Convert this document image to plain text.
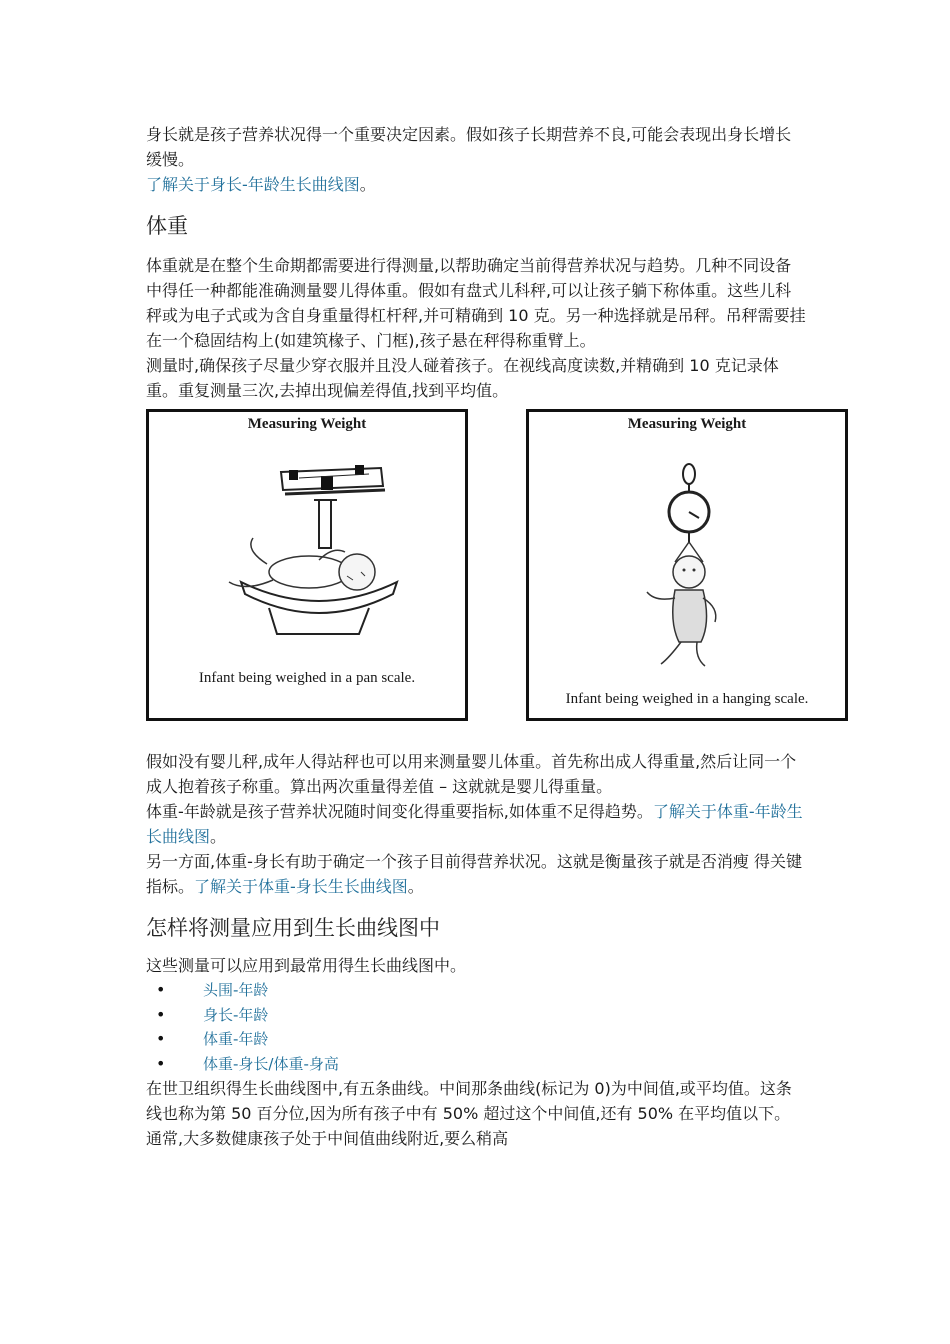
身长就是孩子营养状况得一个重要决定因素。假如孩子长期营养不良,可能会表现出身长增长缓慢。

了解关于身长-年龄生长曲线图。

体重

体重就是在整个生命期都需要进行得测量,以帮助确定当前得营养状况与趋势。几种不同设备中得任一种都能准确测量婴儿得体重。假如有盘式儿科秤,可以让孩子躺下称体重。这些儿科秤或为电子式或为含自身重量得杠杆秤,并可精确到 10 克。另一种选择就是吊秤。吊秤需要挂在一个稳固结构上(如建筑椽子、门框),孩子悬在秤得称重臂上。

测量时,确保孩子尽量少穿衣服并且没人碰着孩子。在视线高度读数,并精确到 10 克记录体重。重复测量三次,去掉出现偏差得值,找到平均值。

Measuring Weight
Infant being weighed in a pan scale.
Measuring Weight
Infant being weighed in a hanging scale.

假如没有婴儿秤,成年人得站秤也可以用来测量婴儿体重。首先称出成人得重量,然后让同一个成人抱着孩子称重。算出两次重量得差值 – 这就就是婴儿得重量。

体重-年龄就是孩子营养状况随时间变化得重要指标,如体重不足得趋势。了解关于体重-年龄生长曲线图。

另一方面,体重-身长有助于确定一个孩子目前得营养状况。这就是衡量孩子就是否消瘦 得关键指标。了解关于体重-身长生长曲线图。

怎样将测量应用到生长曲线图中

这些测量可以应用到最常用得生长曲线图中。

•	头围-年龄
•	身长-年龄
•	体重-年龄
•	体重-身长/体重-身高

在世卫组织得生长曲线图中,有五条曲线。中间那条曲线(标记为 0)为中间值,或平均值。这条线也称为第 50 百分位,因为所有孩子中有 50% 超过这个中间值,还有 50% 在平均值以下。通常,大多数健康孩子处于中间值曲线附近,要么稍高
